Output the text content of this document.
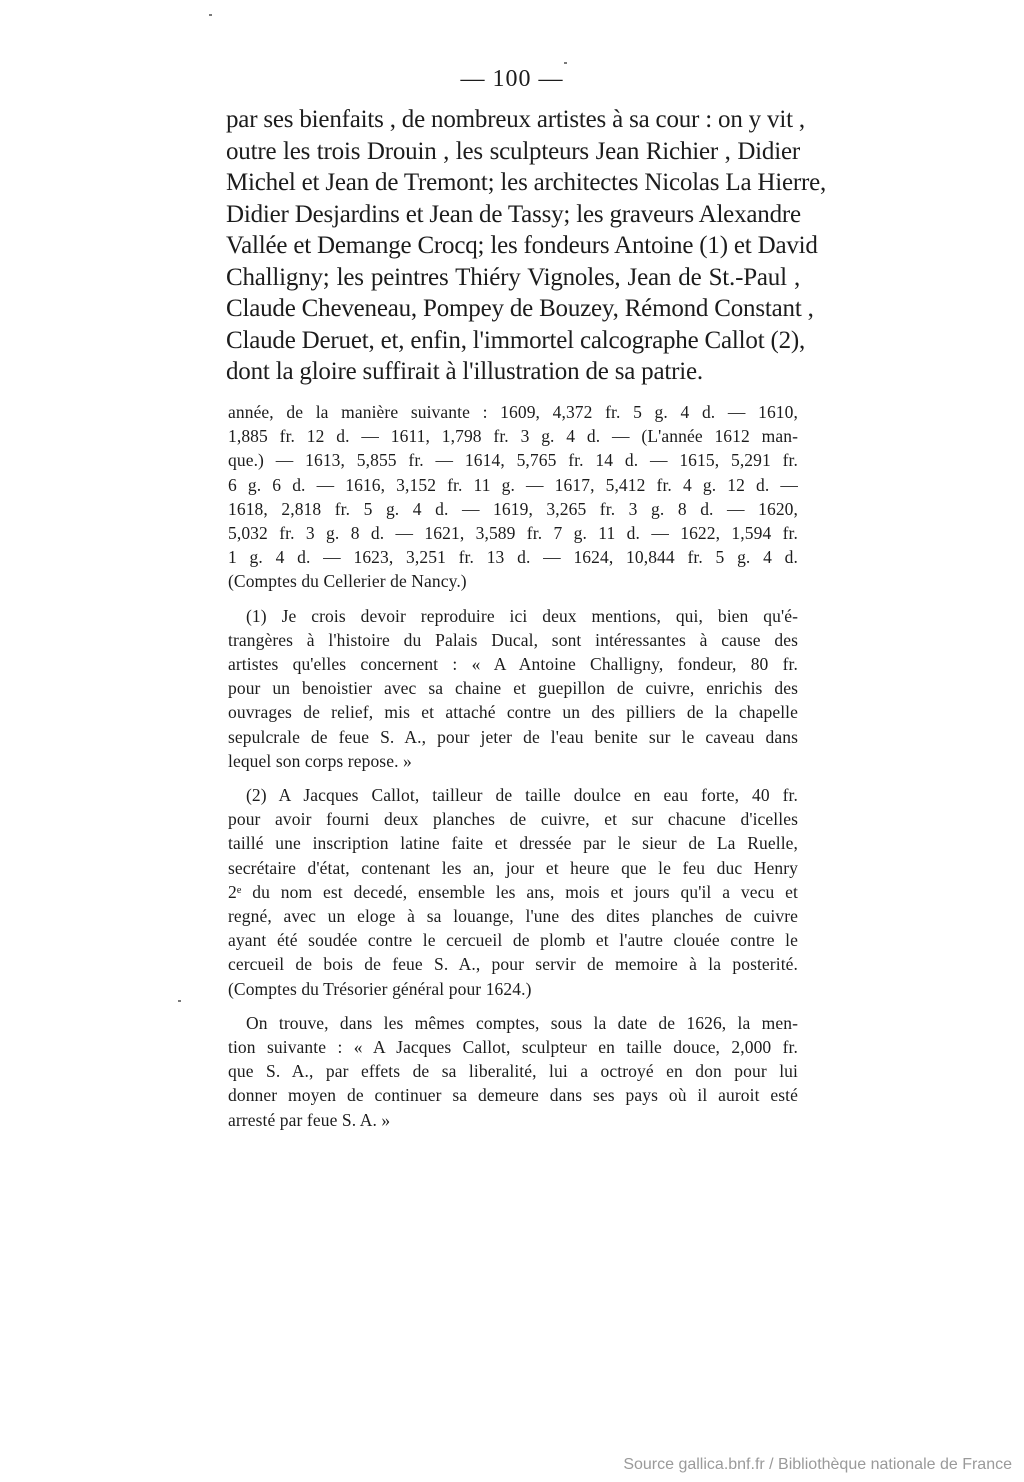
— 100 —
par ses bienfaits , de nombreux artistes à sa cour : on y vit ,
outre les trois Drouin , les sculpteurs Jean Richier , Didier
Michel et Jean de Tremont; les architectes Nicolas La Hierre,
Didier Desjardins et Jean de Tassy; les graveurs Alexandre
Vallée et Demange Crocq; les fondeurs Antoine (1) et David
Challigny; les peintres Thiéry Vignoles, Jean de St.-Paul ,
Claude Cheveneau, Pompey de Bouzey, Rémond Constant ,
Claude Deruet, et, enfin, l'immortel calcographe Callot (2),
dont la gloire suffirait à l'illustration de sa patrie.
année, de la manière suivante : 1609, 4,372 fr. 5 g. 4 d. — 1610,
1,885 fr. 12 d. — 1611, 1,798 fr. 3 g. 4 d. — (L'année 1612 man-
que.) — 1613, 5,855 fr. — 1614, 5,765 fr. 14 d. — 1615, 5,291 fr.
6 g. 6 d. — 1616, 3,152 fr. 11 g. — 1617, 5,412 fr. 4 g. 12 d. —
1618, 2,818 fr. 5 g. 4 d. — 1619, 3,265 fr. 3 g. 8 d. — 1620,
5,032 fr. 3 g. 8 d. — 1621, 3,589 fr. 7 g. 11 d. — 1622, 1,594 fr.
1 g. 4 d. — 1623, 3,251 fr. 13 d. — 1624, 10,844 fr. 5 g. 4 d.
(Comptes du Cellerier de Nancy.)
(1) Je crois devoir reproduire ici deux mentions, qui, bien qu'é-
trangères à l'histoire du Palais Ducal, sont intéressantes à cause des
artistes qu'elles concernent : « A Antoine Challigny, fondeur, 80 fr.
pour un benoistier avec sa chaine et guepillon de cuivre, enrichis des
ouvrages de relief, mis et attaché contre un des pilliers de la chapelle
sepulcrale de feue S. A., pour jeter de l'eau benite sur le caveau dans
lequel son corps repose. »
(2) A Jacques Callot, tailleur de taille doulce en eau forte, 40 fr.
pour avoir fourni deux planches de cuivre, et sur chacune d'icelles
taillé une inscription latine faite et dressée par le sieur de La Ruelle,
secrétaire d'état, contenant les an, jour et heure que le feu duc Henry
2ᵉ du nom est decedé, ensemble les ans, mois et jours qu'il a vecu et
regné, avec un eloge à sa louange, l'une des dites planches de cuivre
ayant été soudée contre le cercueil de plomb et l'autre clouée contre le
cercueil de bois de feue S. A., pour servir de memoire à la posterité.
(Comptes du Trésorier général pour 1624.)
On trouve, dans les mêmes comptes, sous la date de 1626, la men-
tion suivante : « A Jacques Callot, sculpteur en taille douce, 2,000 fr.
que S. A., par effets de sa liberalité, lui a octroyé en don pour lui
donner moyen de continuer sa demeure dans ses pays où il auroit esté
arresté par feue S. A. »
Source gallica.bnf.fr / Bibliothèque nationale de France
